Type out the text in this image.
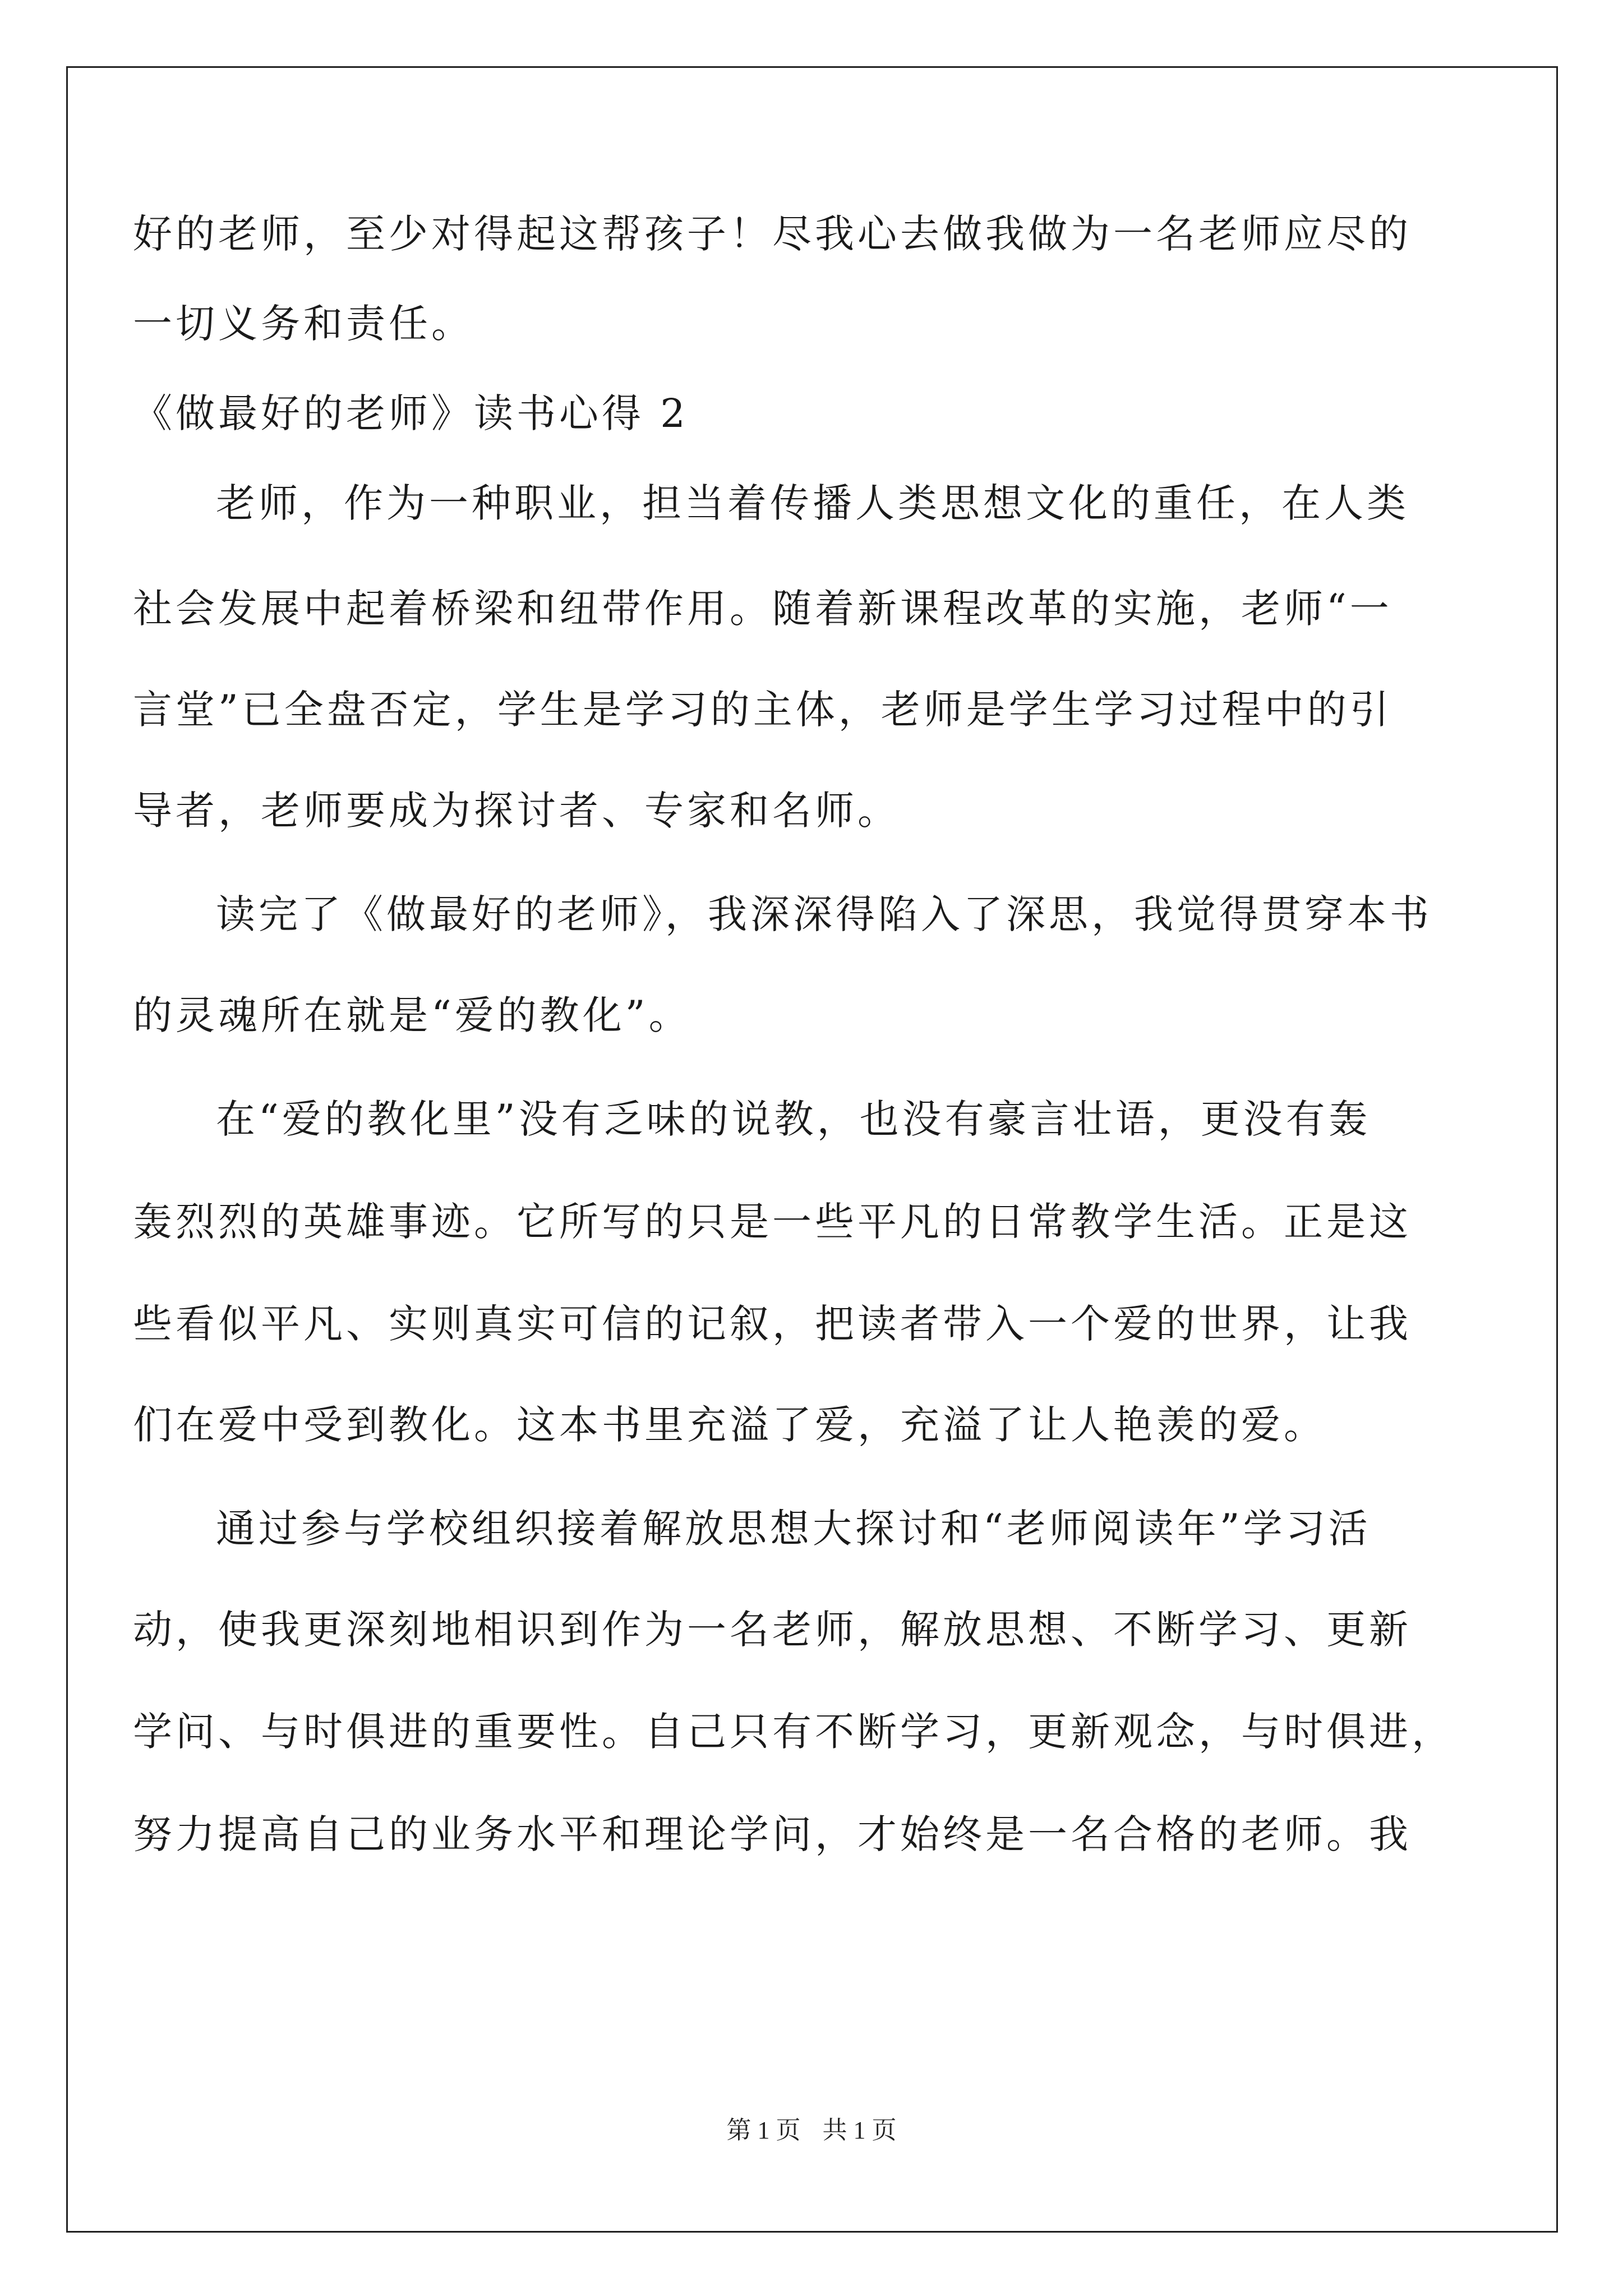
好的老师，至少对得起这帮孩子！尽我心去做我做为一名老师应尽的
一切义务和责任。
《做最好的老师》读书心得 2
老师，作为一种职业，担当着传播人类思想文化的重任，在人类
社会发展中起着桥梁和纽带作用。随着新课程改革的实施，老师“一
言堂”已全盘否定，学生是学习的主体，老师是学生学习过程中的引
导者，老师要成为探讨者、专家和名师。
读完了《做最好的老师》，我深深得陷入了深思，我觉得贯穿本书
的灵魂所在就是“爱的教化”。
在“爱的教化里”没有乏味的说教，也没有豪言壮语，更没有轰
轰烈烈的英雄事迹。它所写的只是一些平凡的日常教学生活。正是这
些看似平凡、实则真实可信的记叙，把读者带入一个爱的世界，让我
们在爱中受到教化。这本书里充溢了爱，充溢了让人艳羡的爱。
通过参与学校组织接着解放思想大探讨和“老师阅读年”学习活
动，使我更深刻地相识到作为一名老师，解放思想、不断学习、更新
学问、与时俱进的重要性。自己只有不断学习，更新观念，与时俱进，
努力提高自己的业务水平和理论学问，才始终是一名合格的老师。我
第 1 页 共 1 页
